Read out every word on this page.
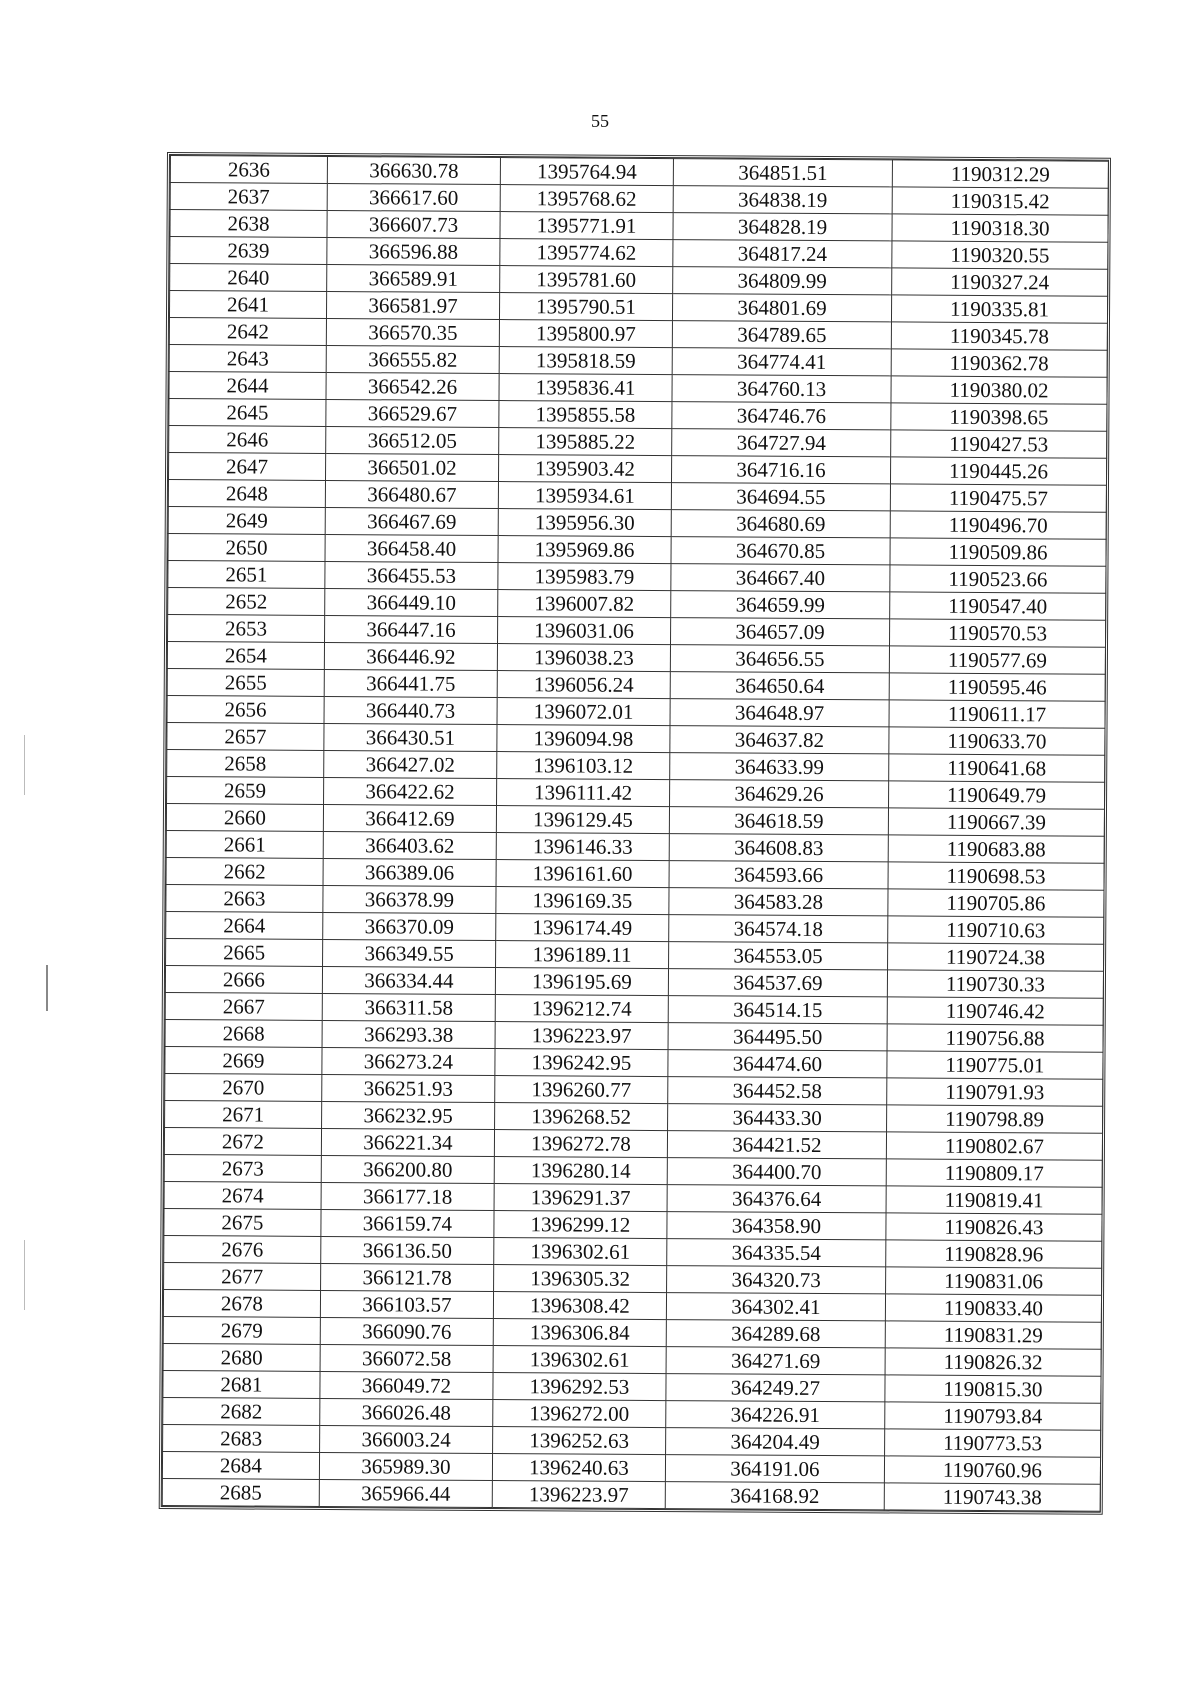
55
2636	366630.78	1395764.94	364851.51	1190312.29
2637	366617.60	1395768.62	364838.19	1190315.42
2638	366607.73	1395771.91	364828.19	1190318.30
2639	366596.88	1395774.62	364817.24	1190320.55
2640	366589.91	1395781.60	364809.99	1190327.24
2641	366581.97	1395790.51	364801.69	1190335.81
2642	366570.35	1395800.97	364789.65	1190345.78
2643	366555.82	1395818.59	364774.41	1190362.78
2644	366542.26	1395836.41	364760.13	1190380.02
2645	366529.67	1395855.58	364746.76	1190398.65
2646	366512.05	1395885.22	364727.94	1190427.53
2647	366501.02	1395903.42	364716.16	1190445.26
2648	366480.67	1395934.61	364694.55	1190475.57
2649	366467.69	1395956.30	364680.69	1190496.70
2650	366458.40	1395969.86	364670.85	1190509.86
2651	366455.53	1395983.79	364667.40	1190523.66
2652	366449.10	1396007.82	364659.99	1190547.40
2653	366447.16	1396031.06	364657.09	1190570.53
2654	366446.92	1396038.23	364656.55	1190577.69
2655	366441.75	1396056.24	364650.64	1190595.46
2656	366440.73	1396072.01	364648.97	1190611.17
2657	366430.51	1396094.98	364637.82	1190633.70
2658	366427.02	1396103.12	364633.99	1190641.68
2659	366422.62	1396111.42	364629.26	1190649.79
2660	366412.69	1396129.45	364618.59	1190667.39
2661	366403.62	1396146.33	364608.83	1190683.88
2662	366389.06	1396161.60	364593.66	1190698.53
2663	366378.99	1396169.35	364583.28	1190705.86
2664	366370.09	1396174.49	364574.18	1190710.63
2665	366349.55	1396189.11	364553.05	1190724.38
2666	366334.44	1396195.69	364537.69	1190730.33
2667	366311.58	1396212.74	364514.15	1190746.42
2668	366293.38	1396223.97	364495.50	1190756.88
2669	366273.24	1396242.95	364474.60	1190775.01
2670	366251.93	1396260.77	364452.58	1190791.93
2671	366232.95	1396268.52	364433.30	1190798.89
2672	366221.34	1396272.78	364421.52	1190802.67
2673	366200.80	1396280.14	364400.70	1190809.17
2674	366177.18	1396291.37	364376.64	1190819.41
2675	366159.74	1396299.12	364358.90	1190826.43
2676	366136.50	1396302.61	364335.54	1190828.96
2677	366121.78	1396305.32	364320.73	1190831.06
2678	366103.57	1396308.42	364302.41	1190833.40
2679	366090.76	1396306.84	364289.68	1190831.29
2680	366072.58	1396302.61	364271.69	1190826.32
2681	366049.72	1396292.53	364249.27	1190815.30
2682	366026.48	1396272.00	364226.91	1190793.84
2683	366003.24	1396252.63	364204.49	1190773.53
2684	365989.30	1396240.63	364191.06	1190760.96
2685	365966.44	1396223.97	364168.92	1190743.38
